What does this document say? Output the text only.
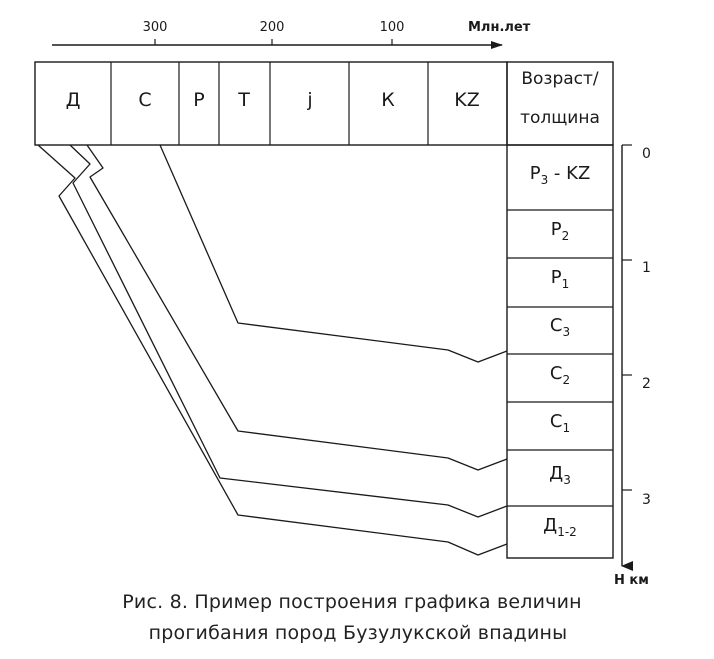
300	200	100	Млн.лет
Д	С Р Т	j	К	KZ
Возраст/
толщина
$P_3$ - KZ
$P_2$
$P_1$
$С_3$
$С_2$
$С_1$
$Д_3$
$Д_{1-2}$
0
1
2
3
Н км
Рис. 8. Пример построения графика величин
прогибания пород Бузулукской впадины
